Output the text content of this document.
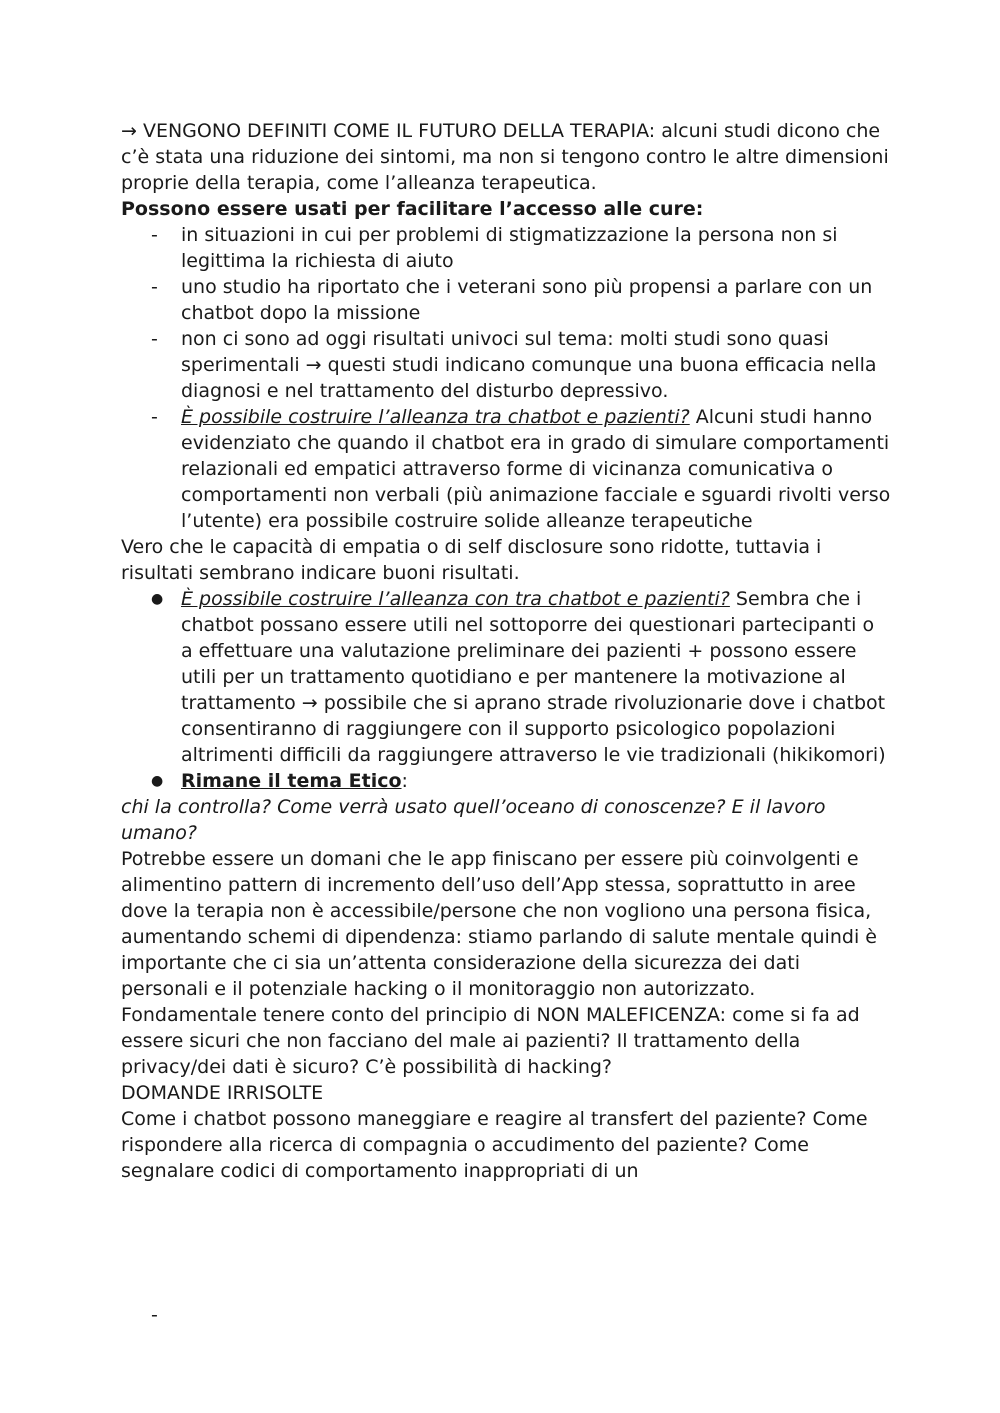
→ VENGONO DEFINITI COME IL FUTURO DELLA TERAPIA: alcuni studi dicono che c’è stata una riduzione dei sintomi, ma non si tengono contro le altre dimensioni proprie della terapia, come l’alleanza terapeutica.

Possono essere usati per facilitare l’accesso alle cure:

- in situazioni in cui per problemi di stigmatizzazione la persona non si legittima la richiesta di aiuto
- uno studio ha riportato che i veterani sono più propensi a parlare con un chatbot dopo la missione
- non ci sono ad oggi risultati univoci sul tema: molti studi sono quasi sperimentali → questi studi indicano comunque una buona efficacia nella diagnosi e nel trattamento del disturbo depressivo.
- È possibile costruire l’alleanza tra chatbot e pazienti? Alcuni studi hanno evidenziato che quando il chatbot era in grado di simulare comportamenti relazionali ed empatici attraverso forme di vicinanza comunicativa o comportamenti non verbali (più animazione facciale e sguardi rivolti verso l’utente) era possibile costruire solide alleanze terapeutiche

Vero che le capacità di empatia o di self disclosure sono ridotte, tuttavia i risultati sembrano indicare buoni risultati.

● È possibile costruire l’alleanza con tra chatbot e pazienti? Sembra che i chatbot possano essere utili nel sottoporre dei questionari partecipanti o a effettuare una valutazione preliminare dei pazienti + possono essere utili per un trattamento quotidiano e per mantenere la motivazione al trattamento → possibile che si aprano strade rivoluzionarie dove i chatbot consentiranno di raggiungere con il supporto psicologico popolazioni altrimenti difficili da raggiungere attraverso le vie tradizionali (hikikomori)
● Rimane il tema Etico:

chi la controlla? Come verrà usato quell’oceano di conoscenze? E il lavoro umano?

Potrebbe essere un domani che le app finiscano per essere più coinvolgenti e alimentino pattern di incremento dell’uso dell’App stessa, soprattutto in aree dove la terapia non è accessibile/persone che non vogliono una persona fisica, aumentando schemi di dipendenza: stiamo parlando di salute mentale quindi è importante che ci sia un’attenta considerazione della sicurezza dei dati personali e il potenziale hacking o il monitoraggio non autorizzato.

Fondamentale tenere conto del principio di NON MALEFICENZA: come si fa ad essere sicuri che non facciano del male ai pazienti? Il trattamento della privacy/dei dati è sicuro? C’è possibilità di hacking?

DOMANDE IRRISOLTE

Come i chatbot possono maneggiare e reagire al transfert del paziente? Come rispondere alla ricerca di compagnia o accudimento del paziente? Come segnalare codici di comportamento inappropriati di un

-
